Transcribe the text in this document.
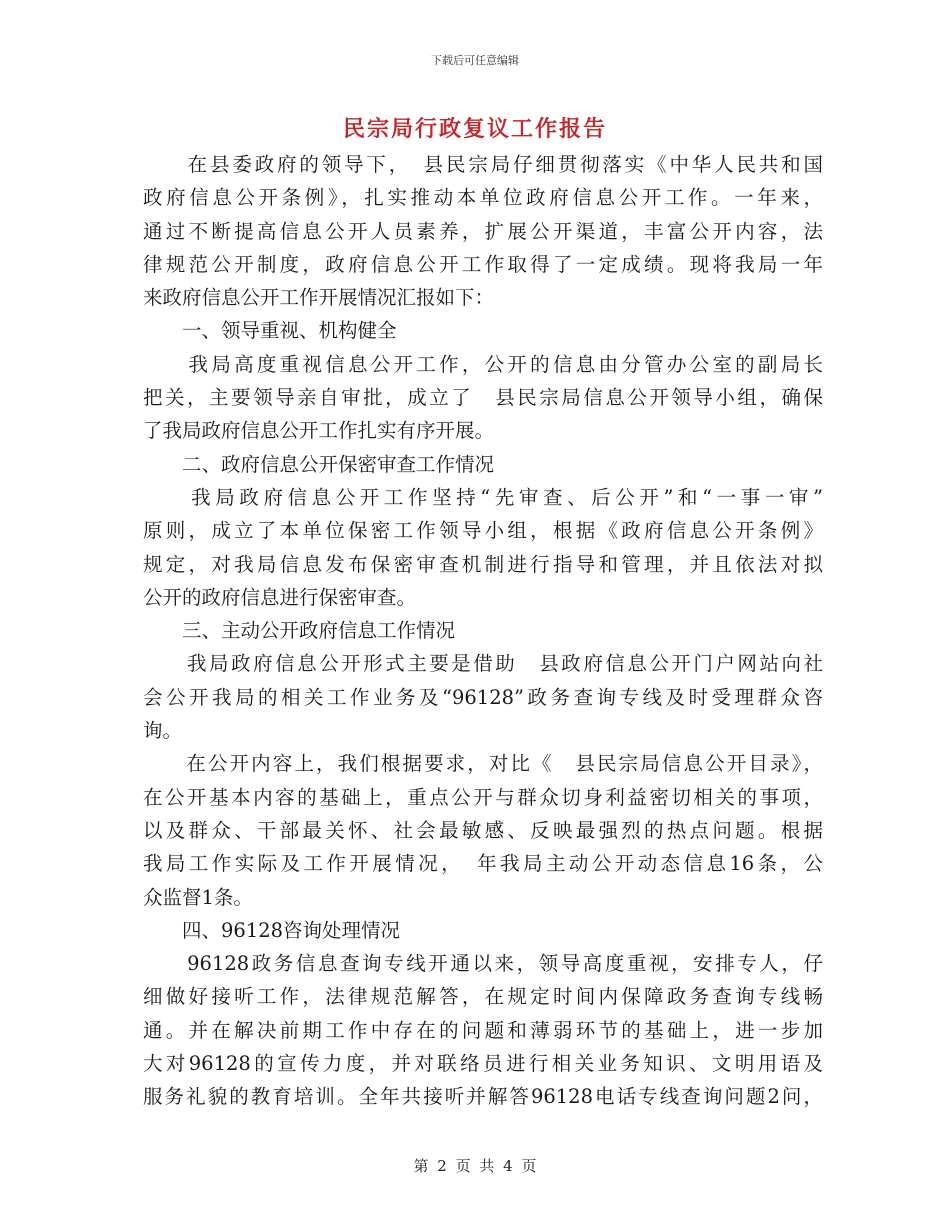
下载后可任意编辑
民宗局行政复议工作报告
　　在县委政府的领导下，　县民宗局仔细贯彻落实《中华人民共和国
政府信息公开条例》，扎实推动本单位政府信息公开工作。一年来，
通过不断提高信息公开人员素养，扩展公开渠道，丰富公开内容，法
律规范公开制度，政府信息公开工作取得了一定成绩。现将我局一年
来政府信息公开工作开展情况汇报如下：
　　一、领导重视、机构健全
　　我局高度重视信息公开工作，公开的信息由分管办公室的副局长
把关，主要领导亲自审批，成立了　县民宗局信息公开领导小组，确保
了我局政府信息公开工作扎实有序开展。
　　二、政府信息公开保密审查工作情况
　　我局政府信息公开工作坚持“先审查、后公开”和“一事一审”
原则，成立了本单位保密工作领导小组，根据《政府信息公开条例》
规定，对我局信息发布保密审查机制进行指导和管理，并且依法对拟
公开的政府信息进行保密审查。
　　三、主动公开政府信息工作情况
　　我局政府信息公开形式主要是借助　县政府信息公开门户网站向社
会公开我局的相关工作业务及“96128”政务查询专线及时受理群众咨
询。
　　在公开内容上，我们根据要求，对比《　县民宗局信息公开目录》，
在公开基本内容的基础上，重点公开与群众切身利益密切相关的事项，
以及群众、干部最关怀、社会最敏感、反映最强烈的热点问题。根据
我局工作实际及工作开展情况，　年我局主动公开动态信息16条，公
众监督1条。
　　四、96128咨询处理情况
　　96128政务信息查询专线开通以来，领导高度重视，安排专人，仔
细做好接听工作，法律规范解答，在规定时间内保障政务查询专线畅
通。并在解决前期工作中存在的问题和薄弱环节的基础上，进一步加
大对96128的宣传力度，并对联络员进行相关业务知识、文明用语及
服务礼貌的教育培训。全年共接听并解答96128电话专线查询问题2问，
第 2 页 共 4 页
